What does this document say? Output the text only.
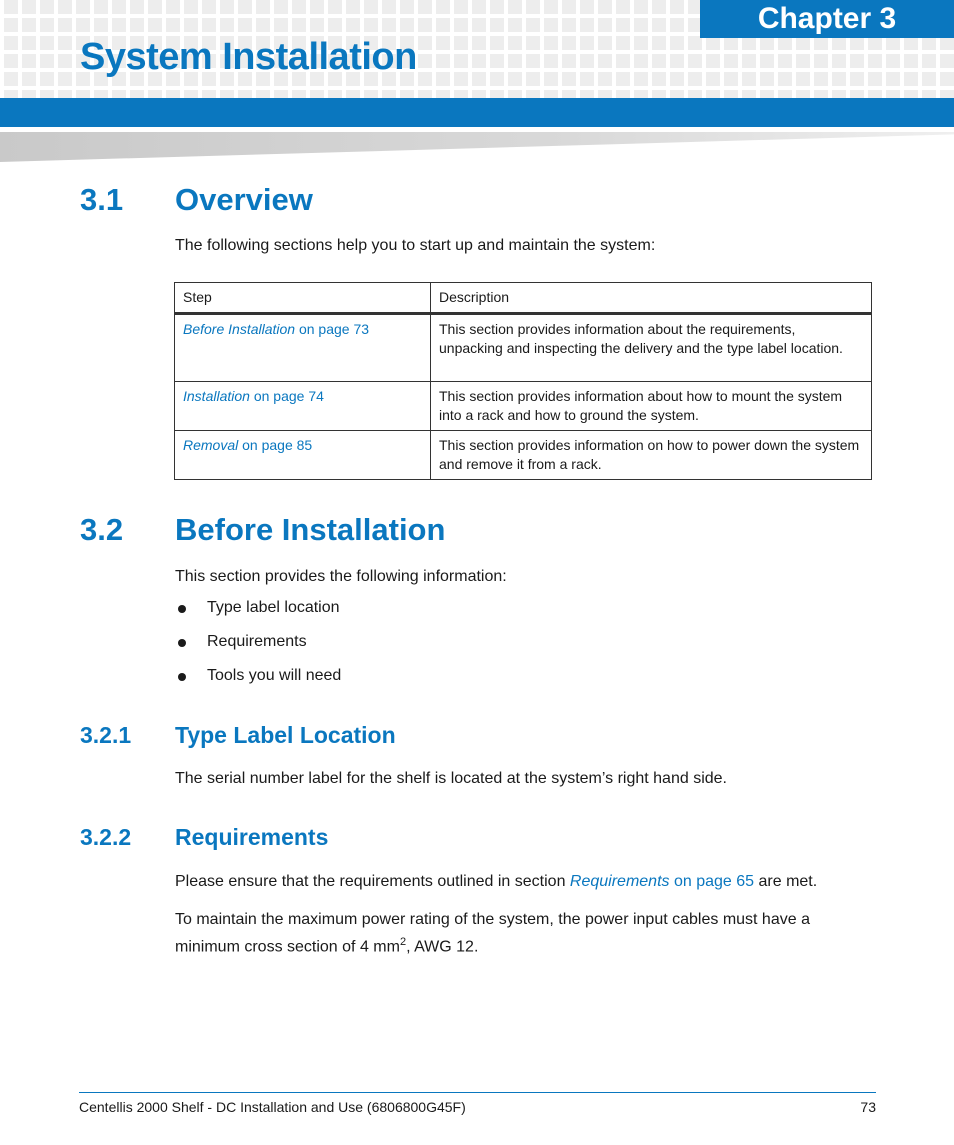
Chapter 3
System Installation
3.1 Overview

The following sections help you to start up and maintain the system:

Step	Description
Before Installation on page 73	This section provides information about the requirements, unpacking and inspecting the delivery and the type label location.
Installation on page 74	This section provides information about how to mount the system into a rack and how to ground the system.
Removal on page 85	This section provides information on how to power down the system and remove it from a rack.
3.2 Before Installation

This section provides the following information:

Type label location
Requirements
Tools you will need
3.2.1 Type Label Location

The serial number label for the shelf is located at the system’s right hand side.

3.2.2 Requirements

Please ensure that the requirements outlined in section Requirements on page 65 are met.

To maintain the maximum power rating of the system, the power input cables must have a minimum cross section of 4 $mm^2$, AWG 12.

Centellis 2000 Shelf - DC Installation and Use (6806800G45F)	73
